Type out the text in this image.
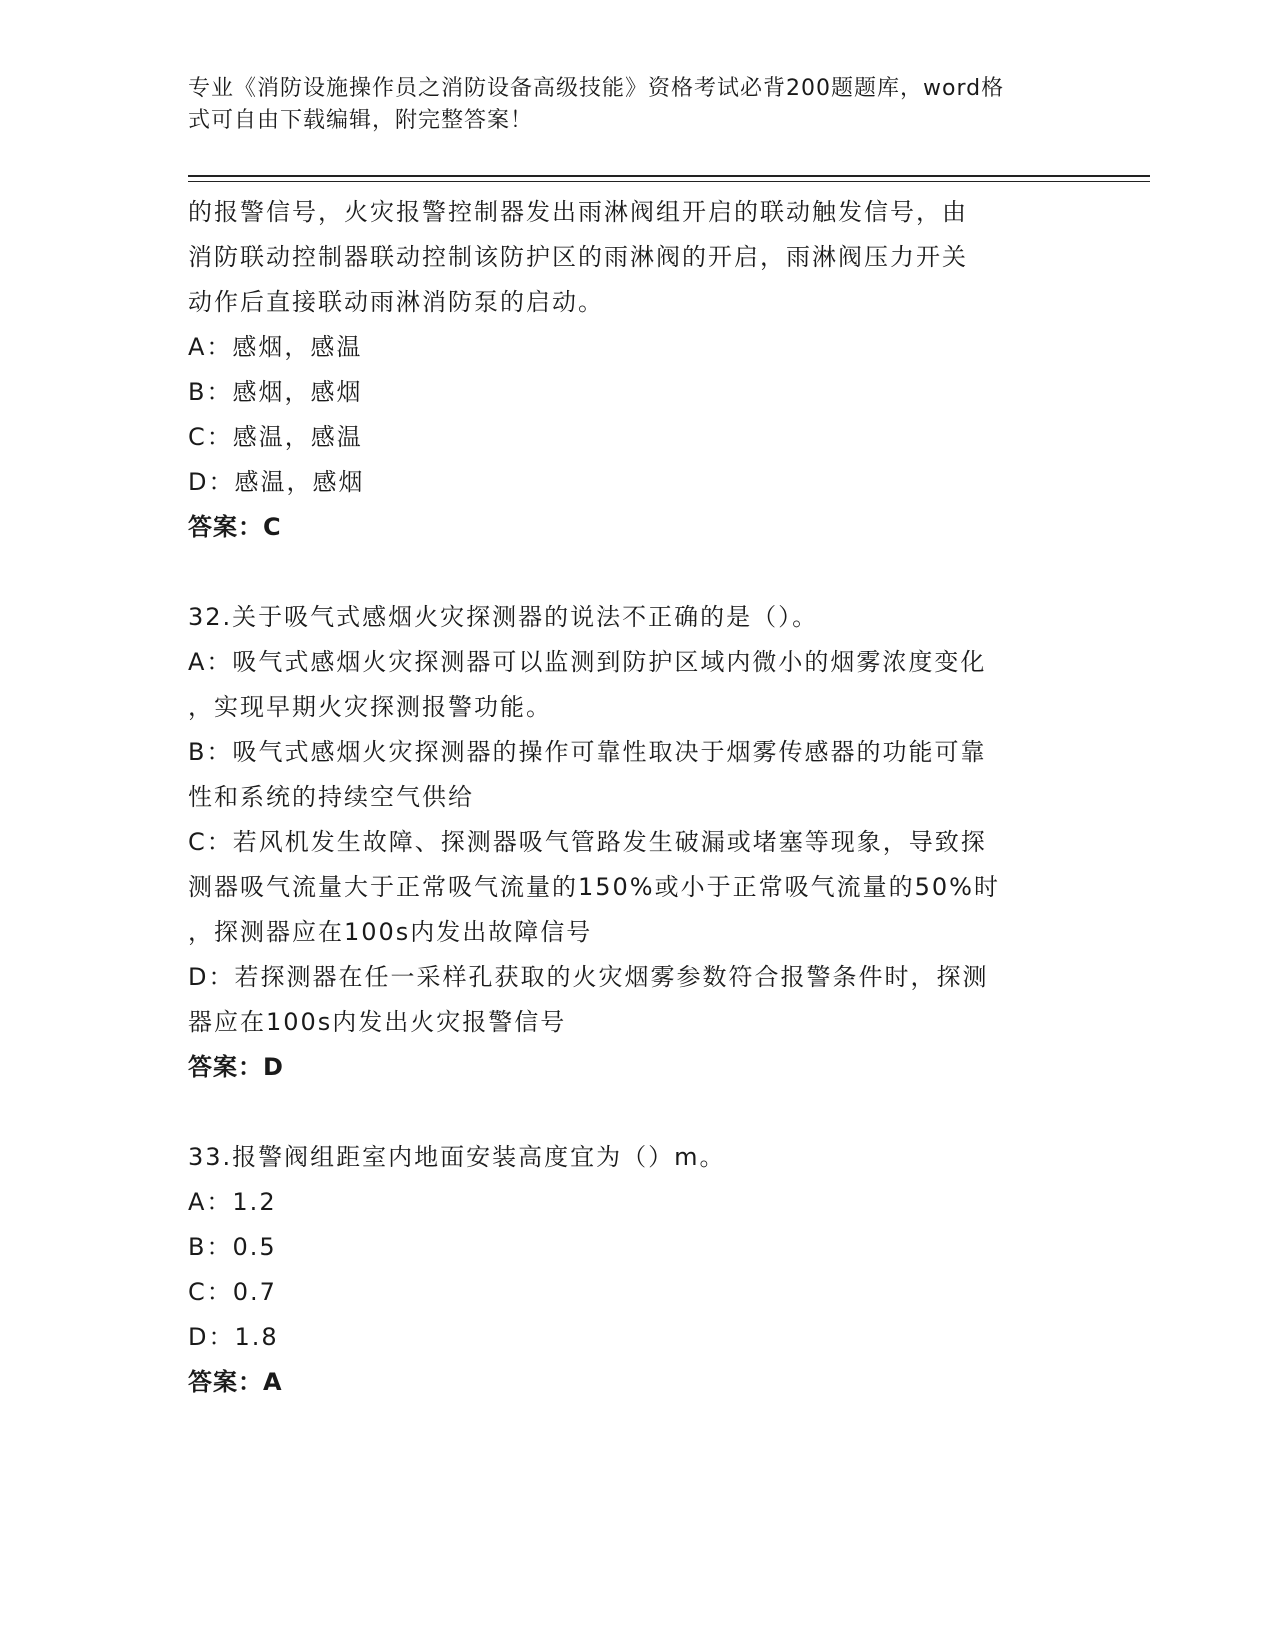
专业《消防设施操作员之消防设备高级技能》资格考试必背200题题库，word格
式可自由下载编辑，附完整答案！
的报警信号，火灾报警控制器发出雨淋阀组开启的联动触发信号，由
消防联动控制器联动控制该防护区的雨淋阀的开启，雨淋阀压力开关
动作后直接联动雨淋消防泵的启动。
A：感烟，感温
B：感烟，感烟
C：感温，感温
D：感温，感烟
答案：C
32.关于吸气式感烟火灾探测器的说法不正确的是（）。
A：吸气式感烟火灾探测器可以监测到防护区域内微小的烟雾浓度变化
，实现早期火灾探测报警功能。
B：吸气式感烟火灾探测器的操作可靠性取决于烟雾传感器的功能可靠
性和系统的持续空气供给
C：若风机发生故障、探测器吸气管路发生破漏或堵塞等现象，导致探
测器吸气流量大于正常吸气流量的150%或小于正常吸气流量的50%时
，探测器应在100s内发出故障信号
D：若探测器在任一采样孔获取的火灾烟雾参数符合报警条件时，探测
器应在100s内发出火灾报警信号
答案：D
33.报警阀组距室内地面安装高度宜为（）m。
A：1.2
B：0.5
C：0.7
D：1.8
答案：A
